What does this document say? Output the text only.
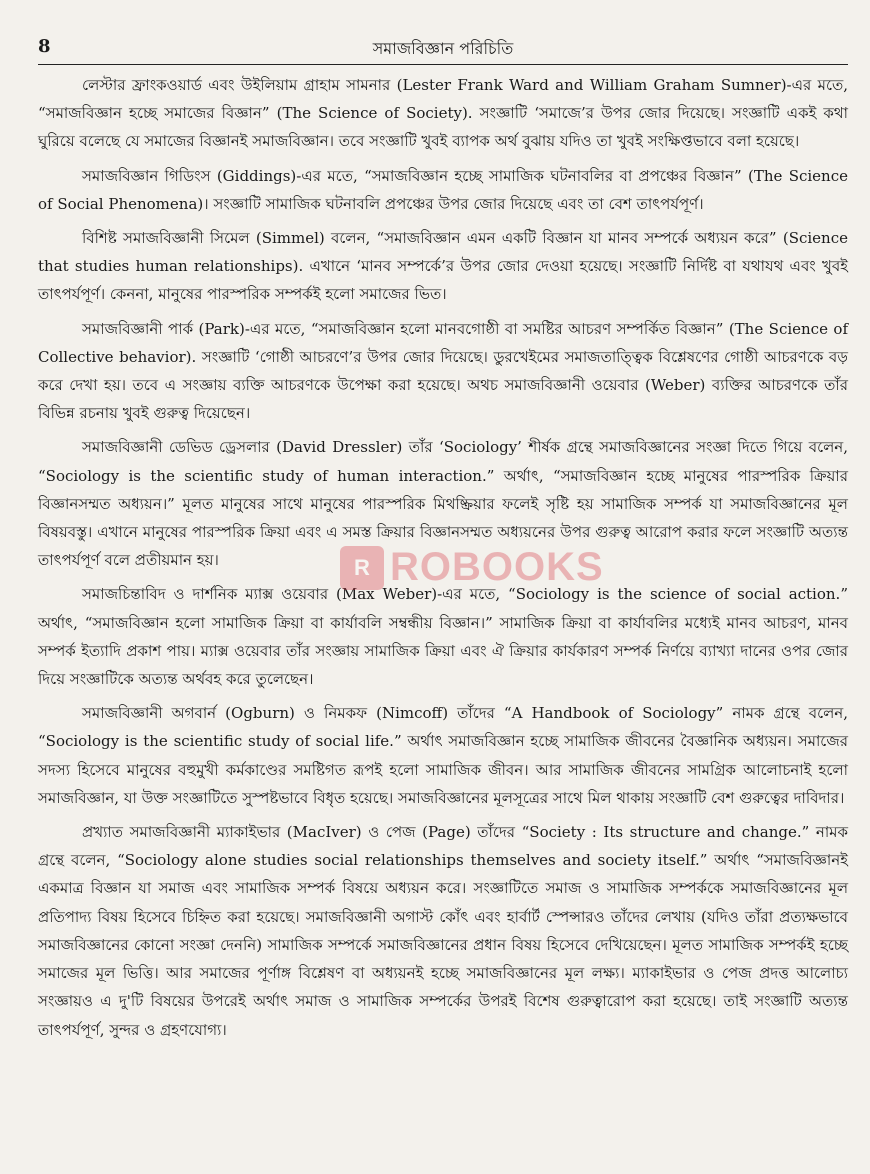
8	সমাজবিজ্ঞান পরিচিতি

লেস্টার ফ্রাংকওয়ার্ড এবং উইলিয়াম গ্রাহাম সামনার (Lester Frank Ward and William Graham Sumner)-এর মতে, “সমাজবিজ্ঞান হচ্ছে সমাজের বিজ্ঞান” (The Science of Society). সংজ্ঞাটি ‘সমাজে’র উপর জোর দিয়েছে। সংজ্ঞাটি একই কথা ঘুরিয়ে বলেছে যে সমাজের বিজ্ঞানই সমাজবিজ্ঞান। তবে সংজ্ঞাটি খুবই ব্যাপক অর্থ বুঝায় যদিও তা খুবই সংক্ষিপ্তভাবে বলা হয়েছে।

সমাজবিজ্ঞান গিডিংস (Giddings)-এর মতে, “সমাজবিজ্ঞান হচ্ছে সামাজিক ঘটনাবলির বা প্রপঞ্চের বিজ্ঞান” (The Science of Social Phenomena)। সংজ্ঞাটি সামাজিক ঘটনাবলি প্রপঞ্চের উপর জোর দিয়েছে এবং তা বেশ তাৎপর্যপূর্ণ।

বিশিষ্ট সমাজবিজ্ঞানী সিমেল (Simmel) বলেন, “সমাজবিজ্ঞান এমন একটি বিজ্ঞান যা মানব সম্পর্কে অধ্যয়ন করে” (Science that studies human relationships). এখানে ‘মানব সম্পর্কে’র উপর জোর দেওয়া হয়েছে। সংজ্ঞাটি নির্দিষ্ট বা যথাযথ এবং খুবই তাৎপর্যপূর্ণ। কেননা, মানুষের পারস্পরিক সম্পর্কই হলো সমাজের ভিত।

সমাজবিজ্ঞানী পার্ক (Park)-এর মতে, “সমাজবিজ্ঞান হলো মানবগোষ্ঠী বা সমষ্টির আচরণ সম্পর্কিত বিজ্ঞান” (The Science of Collective behavior). সংজ্ঞাটি ‘গোষ্ঠী আচরণে’র উপর জোর দিয়েছে। ডুরখেইমের সমাজতাত্ত্বিক বিশ্লেষণের গোষ্ঠী আচরণকে বড় করে দেখা হয়। তবে এ সংজ্ঞায় ব্যক্তি আচরণকে উপেক্ষা করা হয়েছে। অথচ সমাজবিজ্ঞানী ওয়েবার (Weber) ব্যক্তির আচরণকে তাঁর বিভিন্ন রচনায় খুবই গুরুত্ব দিয়েছেন।

সমাজবিজ্ঞানী ডেভিড ড্রেসলার (David Dressler) তাঁর ‘Sociology’ শীর্ষক গ্রন্থে সমাজবিজ্ঞানের সংজ্ঞা দিতে গিয়ে বলেন, “Sociology is the scientific study of human interaction.” অর্থাৎ, “সমাজবিজ্ঞান হচ্ছে মানুষের পারস্পরিক ক্রিয়ার বিজ্ঞানসম্মত অধ্যয়ন।” মূলত মানুষের সাথে মানুষের পারস্পরিক মিথষ্ক্রিয়ার ফলেই সৃষ্টি হয় সামাজিক সম্পর্ক যা সমাজবিজ্ঞানের মূল বিষয়বস্তু। এখানে মানুষের পারস্পরিক ক্রিয়া এবং এ সমস্ত ক্রিয়ার বিজ্ঞানসম্মত অধ্যয়নের উপর গুরুত্ব আরোপ করার ফলে সংজ্ঞাটি অত্যন্ত তাৎপর্যপূর্ণ বলে প্রতীয়মান হয়।

সমাজচিন্তাবিদ ও দার্শনিক ম্যাক্স ওয়েবার (Max Weber)-এর মতে, “Sociology is the science of social action.” অর্থাৎ, “সমাজবিজ্ঞান হলো সামাজিক ক্রিয়া বা কার্যাবলি সম্বন্ধীয় বিজ্ঞান।” সামাজিক ক্রিয়া বা কার্যাবলির মধ্যেই মানব আচরণ, মানব সম্পর্ক ইত্যাদি প্রকাশ পায়। ম্যাক্স ওয়েবার তাঁর সংজ্ঞায় সামাজিক ক্রিয়া এবং ঐ ক্রিয়ার কার্যকারণ সম্পর্ক নির্ণয়ে ব্যাখ্যা দানের ওপর জোর দিয়ে সংজ্ঞাটিকে অত্যন্ত অর্থবহ করে তুলেছেন।

সমাজবিজ্ঞানী অগবার্ন (Ogburn) ও নিমকফ (Nimcoff) তাঁদের “A Handbook of Sociology” নামক গ্রন্থে বলেন, “Sociology is the scientific study of social life.” অর্থাৎ সমাজবিজ্ঞান হচ্ছে সামাজিক জীবনের বৈজ্ঞানিক অধ্যয়ন। সমাজের সদস্য হিসেবে মানুষের বহুমুখী কর্মকাণ্ডের সমষ্টিগত রূপই হলো সামাজিক জীবন। আর সামাজিক জীবনের সামগ্রিক আলোচনাই হলো সমাজবিজ্ঞান, যা উক্ত সংজ্ঞাটিতে সুস্পষ্টভাবে বিধৃত হয়েছে। সমাজবিজ্ঞানের মূলসূত্রের সাথে মিল থাকায় সংজ্ঞাটি বেশ গুরুত্বের দাবিদার।

প্রখ্যাত সমাজবিজ্ঞানী ম্যাকাইভার (MacIver) ও পেজ (Page) তাঁদের “Society : Its structure and change.” নামক গ্রন্থে বলেন, “Sociology alone studies social relationships themselves and society itself.” অর্থাৎ “সমাজবিজ্ঞানই একমাত্র বিজ্ঞান যা সমাজ এবং সামাজিক সম্পর্ক বিষয়ে অধ্যয়ন করে। সংজ্ঞাটিতে সমাজ ও সামাজিক সম্পর্ককে সমাজবিজ্ঞানের মূল প্রতিপাদ্য বিষয় হিসেবে চিহ্নিত করা হয়েছে। সমাজবিজ্ঞানী অগাস্ট কোঁৎ এবং হার্বার্ট স্পেন্সারও তাঁদের লেখায় (যদিও তাঁরা প্রত্যক্ষভাবে সমাজবিজ্ঞানের কোনো সংজ্ঞা দেননি) সামাজিক সম্পর্কে সমাজবিজ্ঞানের প্রধান বিষয় হিসেবে দেখিয়েছেন। মূলত সামাজিক সম্পর্কই হচ্ছে সমাজের মূল ভিত্তি। আর সমাজের পূর্ণাঙ্গ বিশ্লেষণ বা অধ্যয়নই হচ্ছে সমাজবিজ্ঞানের মূল লক্ষ্য। ম্যাকাইভার ও পেজ প্রদত্ত আলোচ্য সংজ্ঞায়ও এ দু'টি বিষয়ের উপরেই অর্থাৎ সমাজ ও সামাজিক সম্পর্কের উপরই বিশেষ গুরুত্বারোপ করা হয়েছে। তাই সংজ্ঞাটি অত্যন্ত তাৎপর্যপূর্ণ, সুন্দর ও গ্রহণযোগ্য।

R ROBOOKS
